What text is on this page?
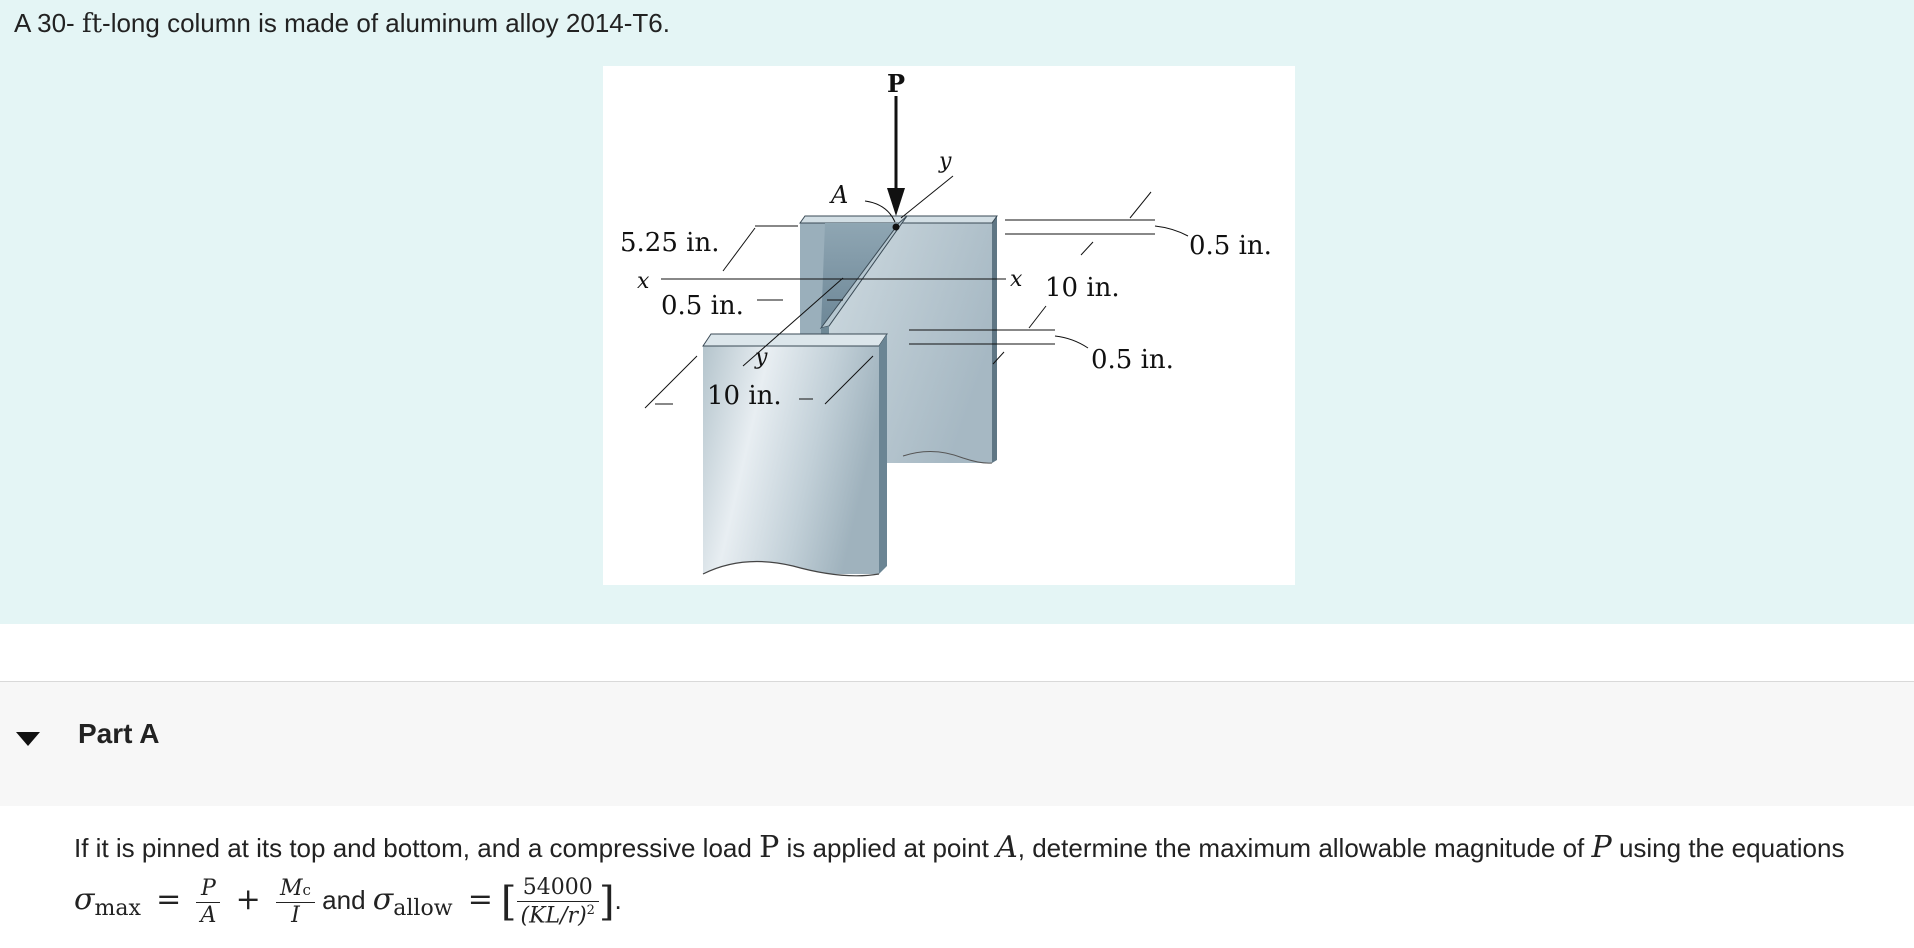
A 30- ft-long column is made of aluminum alloy 2014-T6.
P
y
x	x
y
A
5.25 in.
0.5 in.
0.5 in.
10 in.
0.5 in.
10 in.
Part A
If it is pinned at its top and bottom, and a compressive load P is applied at point A, determine the maximum allowable magnitude of P using the equations $\sigma_{max} = \frac{P}{A} + \frac{Mc}{I}$ and $\sigma_{allow}$ = [ $\frac{54000}{(KL/r)^2}$ ].
